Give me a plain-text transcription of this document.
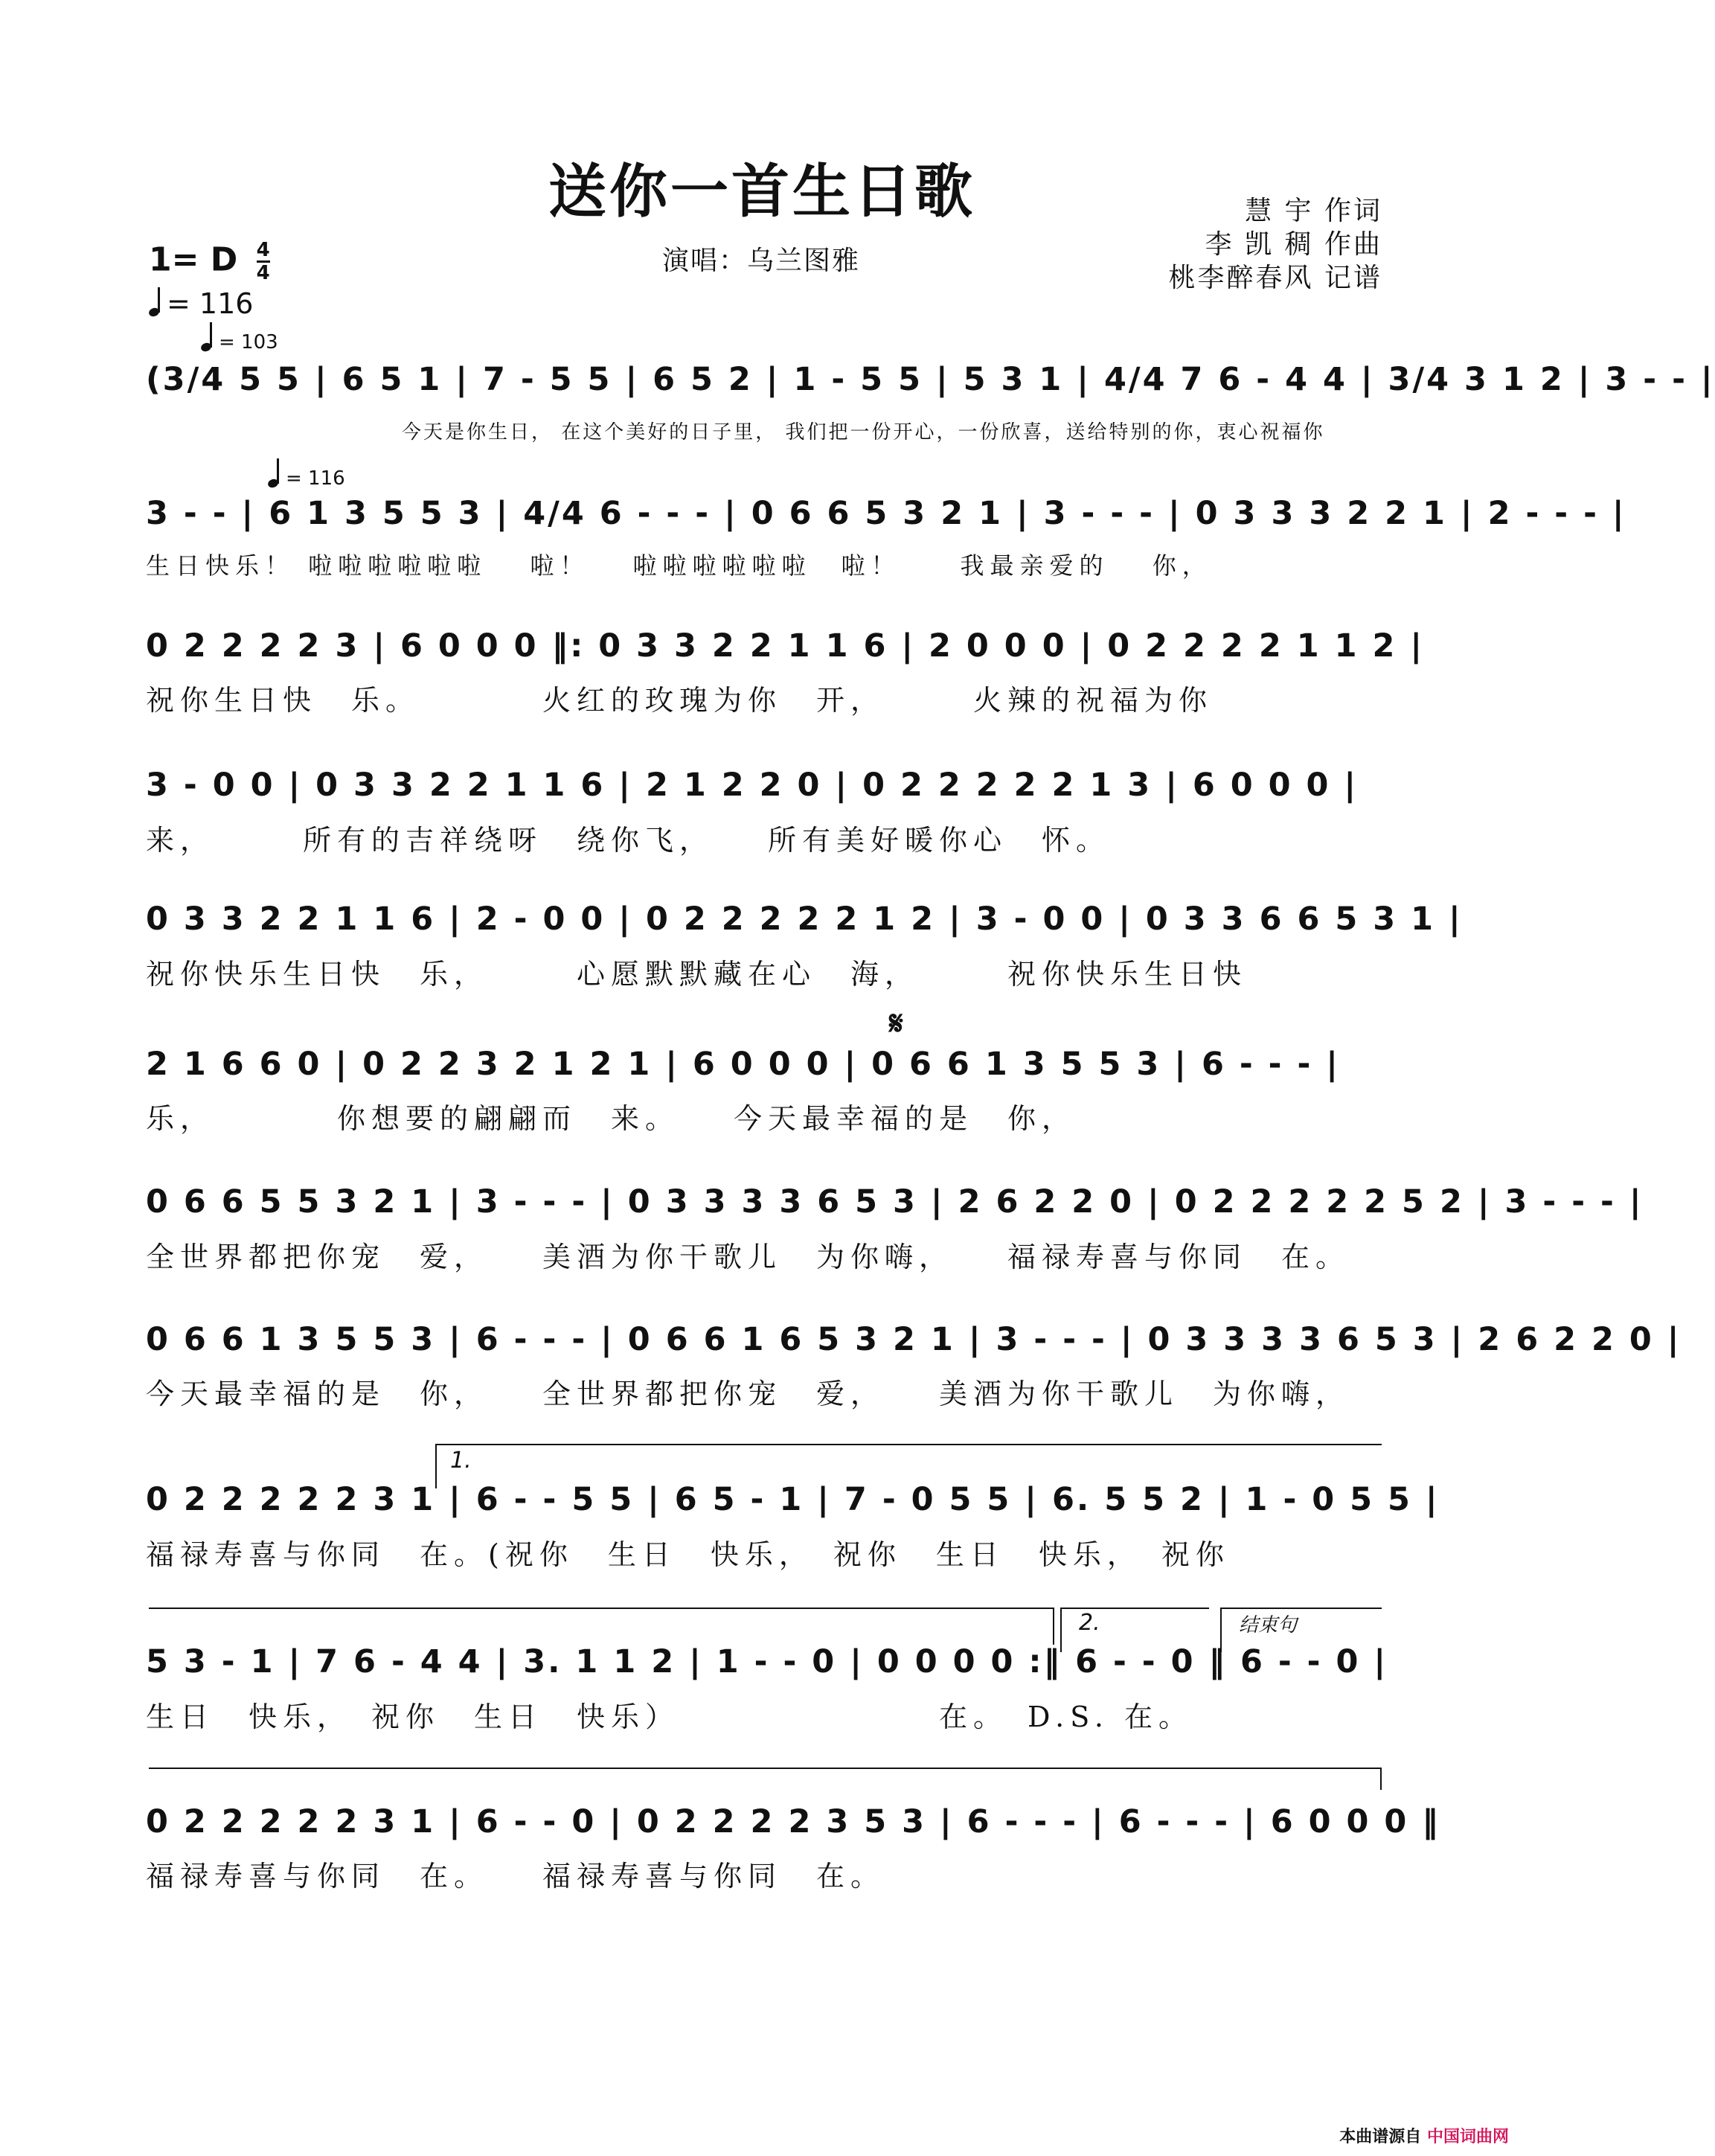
送你一首生日歌	慧 宇 作词
李 凯 稠 作曲
桃李醉春风 记谱
1= D $\frac{4}{4}$
= 116
演唱：乌兰图雅
= 103
(3/4 5 5 | 6 5 1 | 7 - 5 5 | 6 5 2 | 1 - 5 5 | 5 3 1 | 4/4 7 6 - 4 4 | 3/4 3 1 2 | 3 - - |
今天是你生日， 在这个美好的日子里， 我们把一份开心，一份欣喜，送给特别的你，衷心祝福你
= 116
3 - - | 6 1 3 5 5 3 | 4/4 6 - - - | 0 6 6 5 3 2 1 | 3 - - - | 0 3 3 3 2 2 1 | 2 - - - |
生日快乐！ 啦啦啦啦啦啦　 啦！　 啦啦啦啦啦啦　啦！　　我最亲爱的　 你，
0 2 2 2 2 3 | 6 0 0 0 ‖: 0 3 3 2 2 1 1 6 | 2 0 0 0 | 0 2 2 2 2 1 1 2 |
祝你生日快　乐。　　　　火红的玫瑰为你　开，　　　火辣的祝福为你
3 - 0 0 | 0 3 3 2 2 1 1 6 | 2 1 2 2 0 | 0 2 2 2 2 2 1 3 | 6 0 0 0 |
来，　　　所有的吉祥绕呀　绕你飞，　　所有美好暖你心　怀。
0 3 3 2 2 1 1 6 | 2 - 0 0 | 0 2 2 2 2 2 1 2 | 3 - 0 0 | 0 3 3 6 6 5 3 1 |
祝你快乐生日快　乐，　　　心愿默默藏在心　海，　　　祝你快乐生日快
𝄋
2 1 6 6 0 | 0 2 2 3 2 1 2 1 | 6 0 0 0 | 0 6 6 1 3 5 5 3 | 6 - - - |
乐，　　　　你想要的翩翩而　来。　　今天最幸福的是　你，
0 6 6 5 5 3 2 1 | 3 - - - | 0 3 3 3 3 6 5 3 | 2 6 2 2 0 | 0 2 2 2 2 2 5 2 | 3 - - - |
全世界都把你宠　爱，　　美酒为你干歌儿　为你嗨，　　福禄寿喜与你同　在。
0 6 6 1 3 5 5 3 | 6 - - - | 0 6 6 1 6 5 3 2 1 | 3 - - - | 0 3 3 3 3 6 5 3 | 2 6 2 2 0 |
今天最幸福的是　你，　　全世界都把你宠　爱，　　美酒为你干歌儿　为你嗨，
1.
0 2 2 2 2 2 3 1 | 6 - - 5 5 | 6 5 - 1 | 7 - 0 5 5 | 6. 5 5 2 | 1 - 0 5 5 |
福禄寿喜与你同　在。(祝你　生日　快乐，　祝你　生日　快乐，　祝你
2.	结束句
5 3 - 1 | 7 6 - 4 4 | 3. 1 1 2 | 1 - - 0 | 0 0 0 0 :‖ 6 - - 0 ‖ 6 - - 0 |
生日　快乐，　祝你　生日　快乐）　　　　　　　　在。　D.S. 在。
0 2 2 2 2 2 3 1 | 6 - - 0 | 0 2 2 2 2 3 5 3 | 6 - - - | 6 - - - | 6 0 0 0 ‖
福禄寿喜与你同　在。　　福禄寿喜与你同　在。
本曲谱源自 中国词曲网
